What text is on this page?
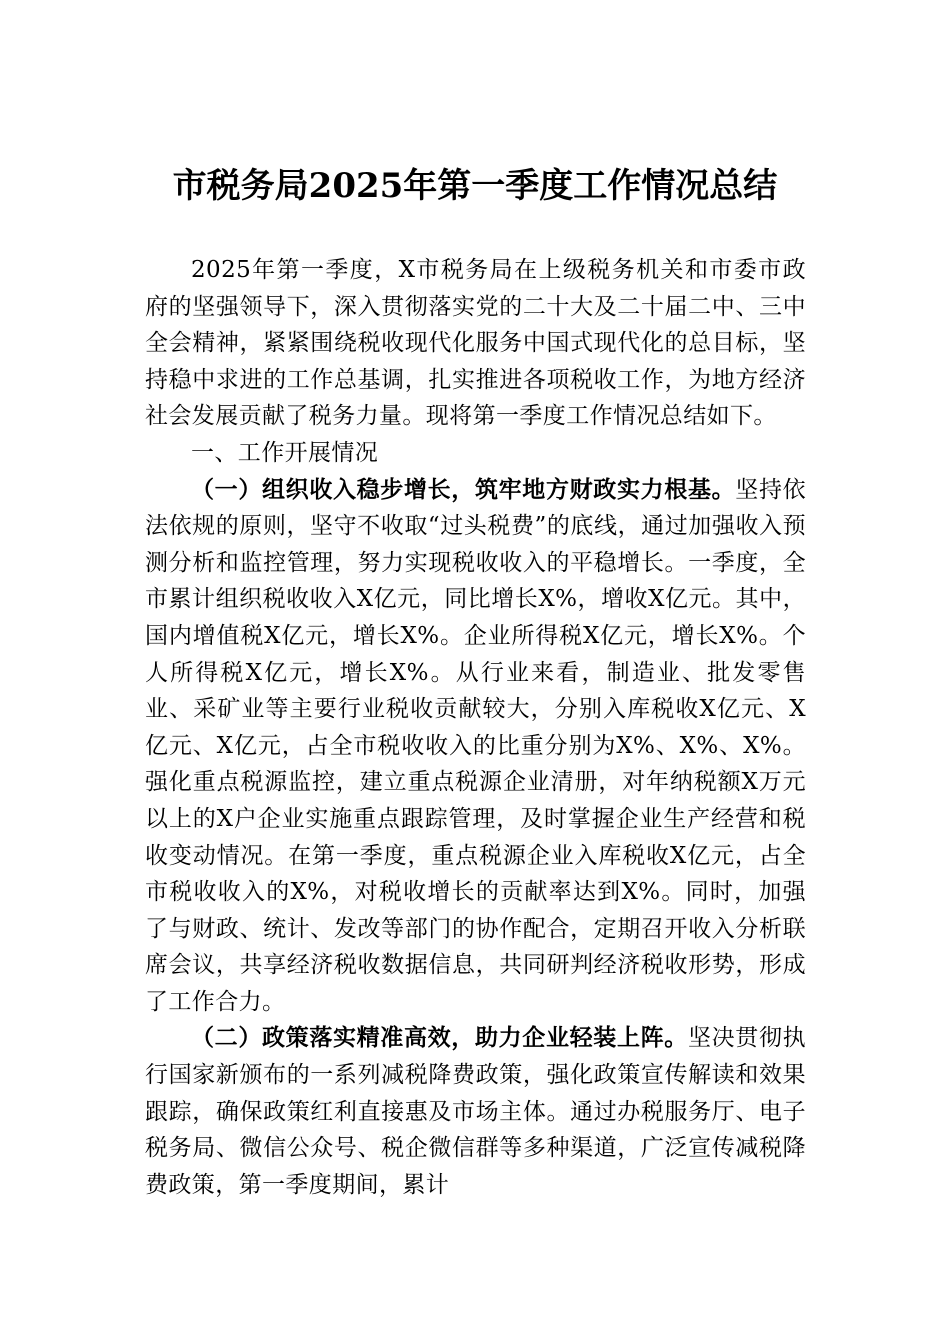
市税务局2025年第一季度工作情况总结

2025年第一季度，X市税务局在上级税务机关和市委市政府的坚强领导下，深入贯彻落实党的二十大及二十届二中、三中全会精神，紧紧围绕税收现代化服务中国式现代化的总目标，坚持稳中求进的工作总基调，扎实推进各项税收工作，为地方经济社会发展贡献了税务力量。现将第一季度工作情况总结如下。

一、工作开展情况

（一）组织收入稳步增长，筑牢地方财政实力根基。坚持依法依规的原则，坚守不收取“过头税费”的底线，通过加强收入预测分析和监控管理，努力实现税收收入的平稳增长。一季度，全市累计组织税收收入X亿元，同比增长X%，增收X亿元。其中，国内增值税X亿元，增长X%。企业所得税X亿元，增长X%。个人所得税X亿元，增长X%。从行业来看，制造业、批发零售业、采矿业等主要行业税收贡献较大，分别入库税收X亿元、X亿元、X亿元，占全市税收收入的比重分别为X%、X%、X%。强化重点税源监控，建立重点税源企业清册，对年纳税额X万元以上的X户企业实施重点跟踪管理，及时掌握企业生产经营和税收变动情况。在第一季度，重点税源企业入库税收X亿元，占全市税收收入的X%，对税收增长的贡献率达到X%。同时，加强了与财政、统计、发改等部门的协作配合，定期召开收入分析联席会议，共享经济税收数据信息，共同研判经济税收形势，形成了工作合力。

（二）政策落实精准高效，助力企业轻装上阵。坚决贯彻执行国家新颁布的一系列减税降费政策，强化政策宣传解读和效果跟踪，确保政策红利直接惠及市场主体。通过办税服务厅、电子税务局、微信公众号、税企微信群等多种渠道，广泛宣传减税降费政策，第一季度期间，累计
